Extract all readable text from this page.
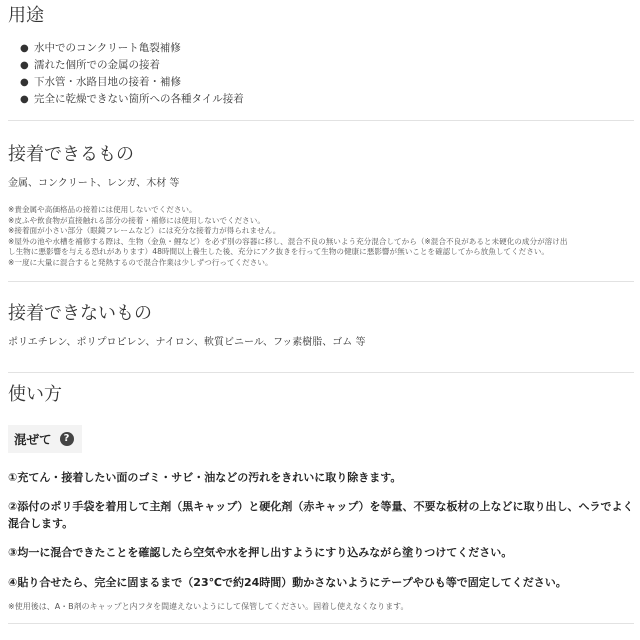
用途
● 水中でのコンクリート亀裂補修
● 濡れた個所での金属の接着
● 下水管・水路目地の接着・補修
● 完全に乾燥できない箇所への各種タイル接着
接着できるもの
金属、コンクリート、レンガ、木材 等
※貴金属や高価格品の接着には使用しないでください。
※皮ふや飲食物が直接触れる部分の接着・補修には使用しないでください。
※接着面が小さい部分（眼鏡フレームなど）には充分な接着力が得られません。
※屋外の池や水槽を補修する際は、生物（金魚・鯉など）を必ず別の容器に移し、混合不良の無いよう充分混合してから（※混合不良があると未硬化の成分が溶け出
し生物に悪影響を与える恐れがあります）48時間以上養生した後、充分にアク抜きを行って生物の健康に悪影響が無いことを確認してから放魚してください。
※一度に大量に混合すると発熱するので混合作業は少しずつ行ってください。
接着できないもの
ポリエチレン、ポリプロピレン、ナイロン、軟質ビニール、フッ素樹脂、ゴム 等
使い方
混ぜて	?
①充てん・接着したい面のゴミ・サビ・油などの汚れをきれいに取り除きます。
②添付のポリ手袋を着用して主剤（黒キャップ）と硬化剤（赤キャップ）を等量、不要な板材の上などに取り出し、ヘラでよく
混合します。
③均一に混合できたことを確認したら空気や水を押し出すようにすり込みながら塗りつけてください。
④貼り合せたら、完全に固まるまで（23℃で約24時間）動かさないようにテープやひも等で固定してください。
※使用後は、A・B剤のキャップと内フタを間違えないようにして保管してください。固着し使えなくなります。
